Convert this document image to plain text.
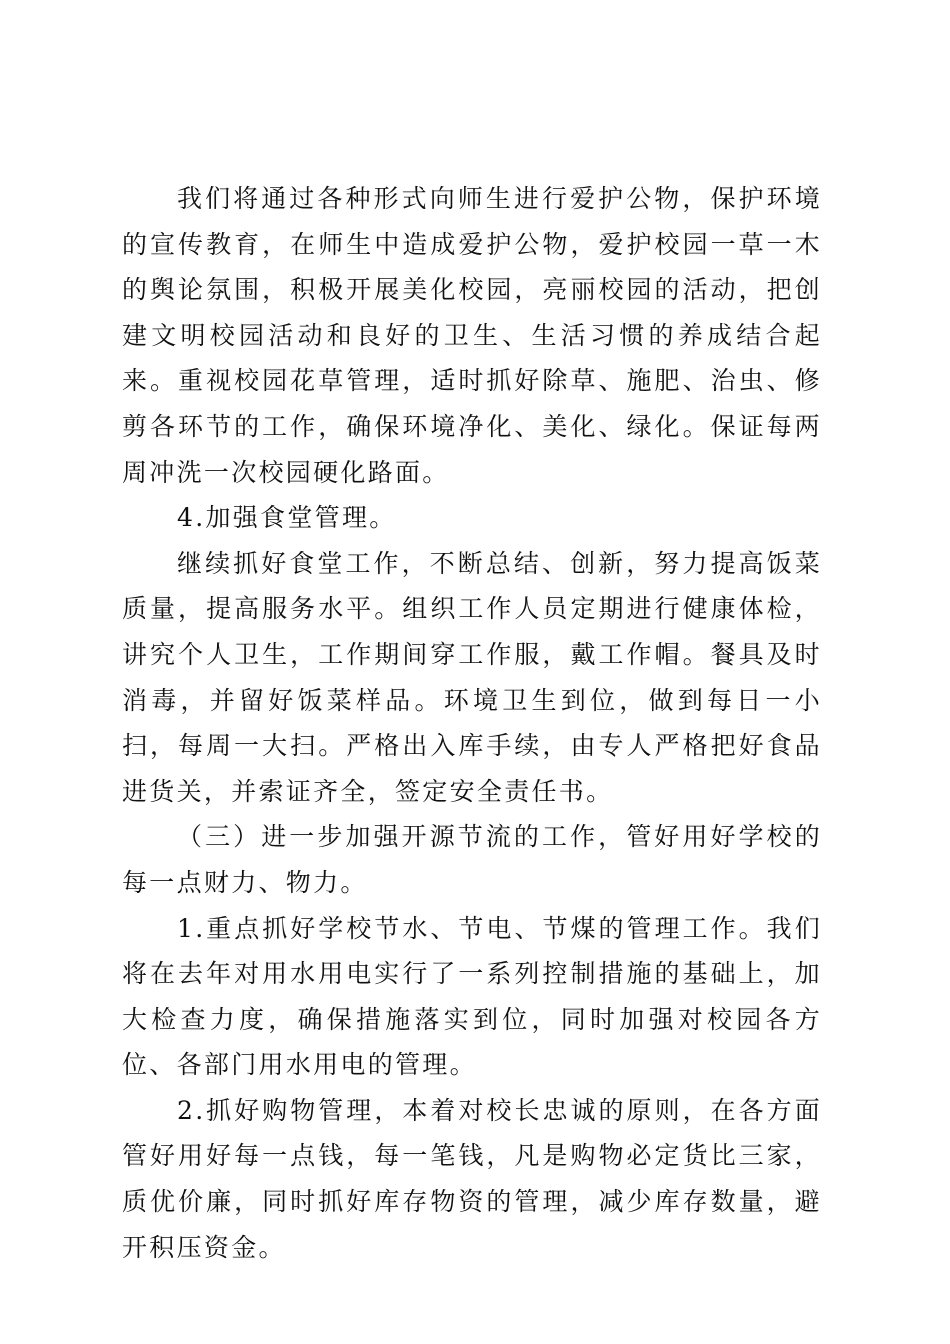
我们将通过各种形式向师生进行爱护公物，保护环境的宣传教育，在师生中造成爱护公物，爱护校园一草一木的舆论氛围，积极开展美化校园，亮丽校园的活动，把创建文明校园活动和良好的卫生、生活习惯的养成结合起来。重视校园花草管理，适时抓好除草、施肥、治虫、修剪各环节的工作，确保环境净化、美化、绿化。保证每两周冲洗一次校园硬化路面。

4.加强食堂管理。

继续抓好食堂工作，不断总结、创新，努力提高饭菜质量，提高服务水平。组织工作人员定期进行健康体检，讲究个人卫生，工作期间穿工作服，戴工作帽。餐具及时消毒，并留好饭菜样品。环境卫生到位，做到每日一小扫，每周一大扫。严格出入库手续，由专人严格把好食品进货关，并索证齐全，签定安全责任书。

（三）进一步加强开源节流的工作，管好用好学校的每一点财力、物力。

1.重点抓好学校节水、节电、节煤的管理工作。我们将在去年对用水用电实行了一系列控制措施的基础上，加大检查力度，确保措施落实到位，同时加强对校园各方位、各部门用水用电的管理。

2.抓好购物管理，本着对校长忠诚的原则，在各方面管好用好每一点钱，每一笔钱，凡是购物必定货比三家，质优价廉，同时抓好库存物资的管理，减少库存数量，避开积压资金。
